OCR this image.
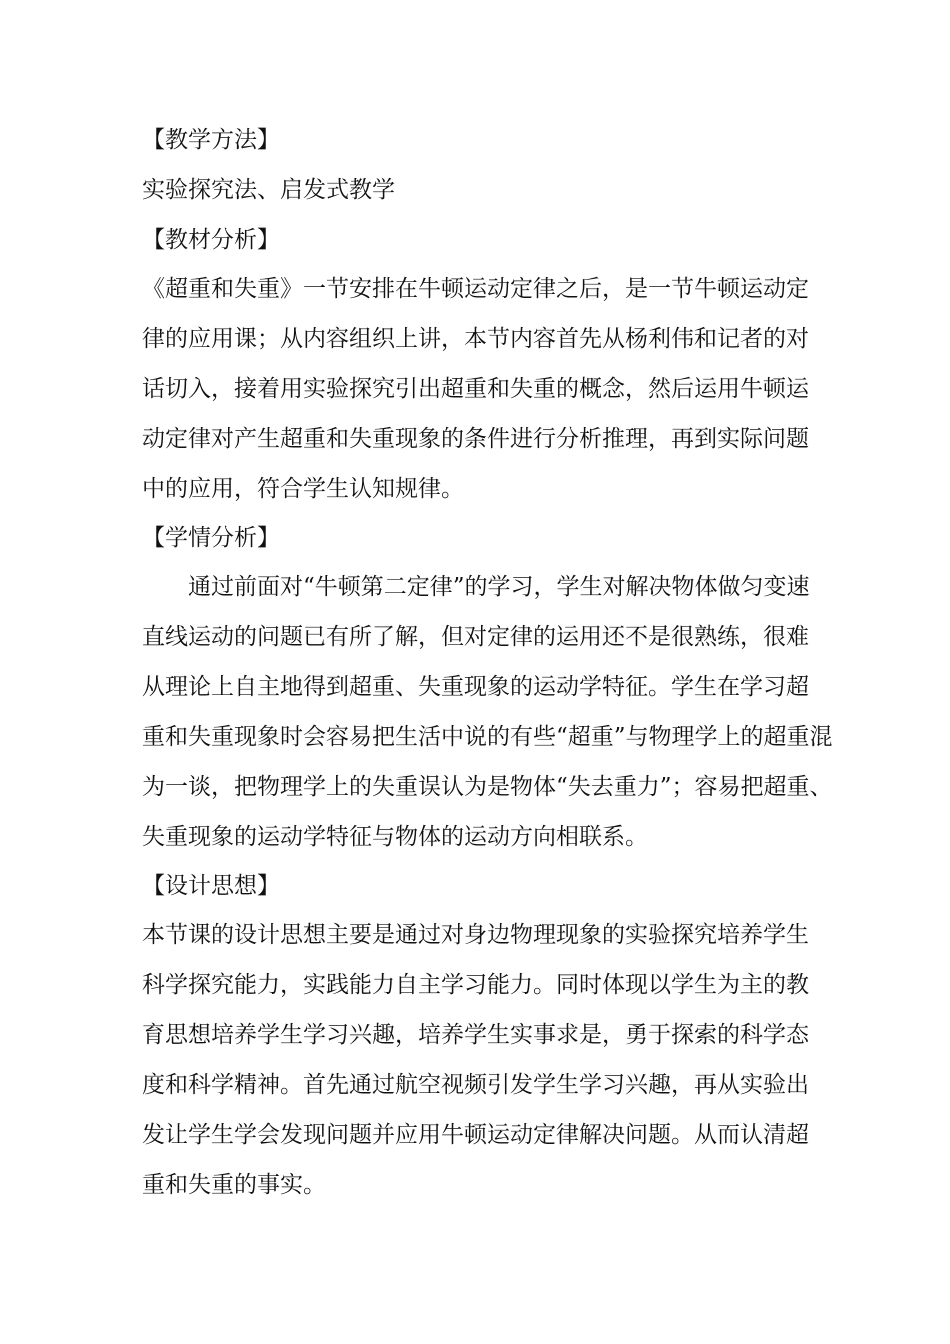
【教学方法】
实验探究法、启发式教学
【教材分析】
《超重和失重》一节安排在牛顿运动定律之后，是一节牛顿运动定
律的应用课；从内容组织上讲，本节内容首先从杨利伟和记者的对
话切入，接着用实验探究引出超重和失重的概念，然后运用牛顿运
动定律对产生超重和失重现象的条件进行分析推理，再到实际问题
中的应用，符合学生认知规律。
【学情分析】
　　通过前面对“牛顿第二定律”的学习，学生对解决物体做匀变速
直线运动的问题已有所了解，但对定律的运用还不是很熟练，很难
从理论上自主地得到超重、失重现象的运动学特征。学生在学习超
重和失重现象时会容易把生活中说的有些“超重”与物理学上的超重混
为一谈，把物理学上的失重误认为是物体“失去重力”；容易把超重、
失重现象的运动学特征与物体的运动方向相联系。
【设计思想】
本节课的设计思想主要是通过对身边物理现象的实验探究培养学生
科学探究能力，实践能力自主学习能力。同时体现以学生为主的教
育思想培养学生学习兴趣，培养学生实事求是，勇于探索的科学态
度和科学精神。首先通过航空视频引发学生学习兴趣，再从实验出
发让学生学会发现问题并应用牛顿运动定律解决问题。从而认清超
重和失重的事实。
